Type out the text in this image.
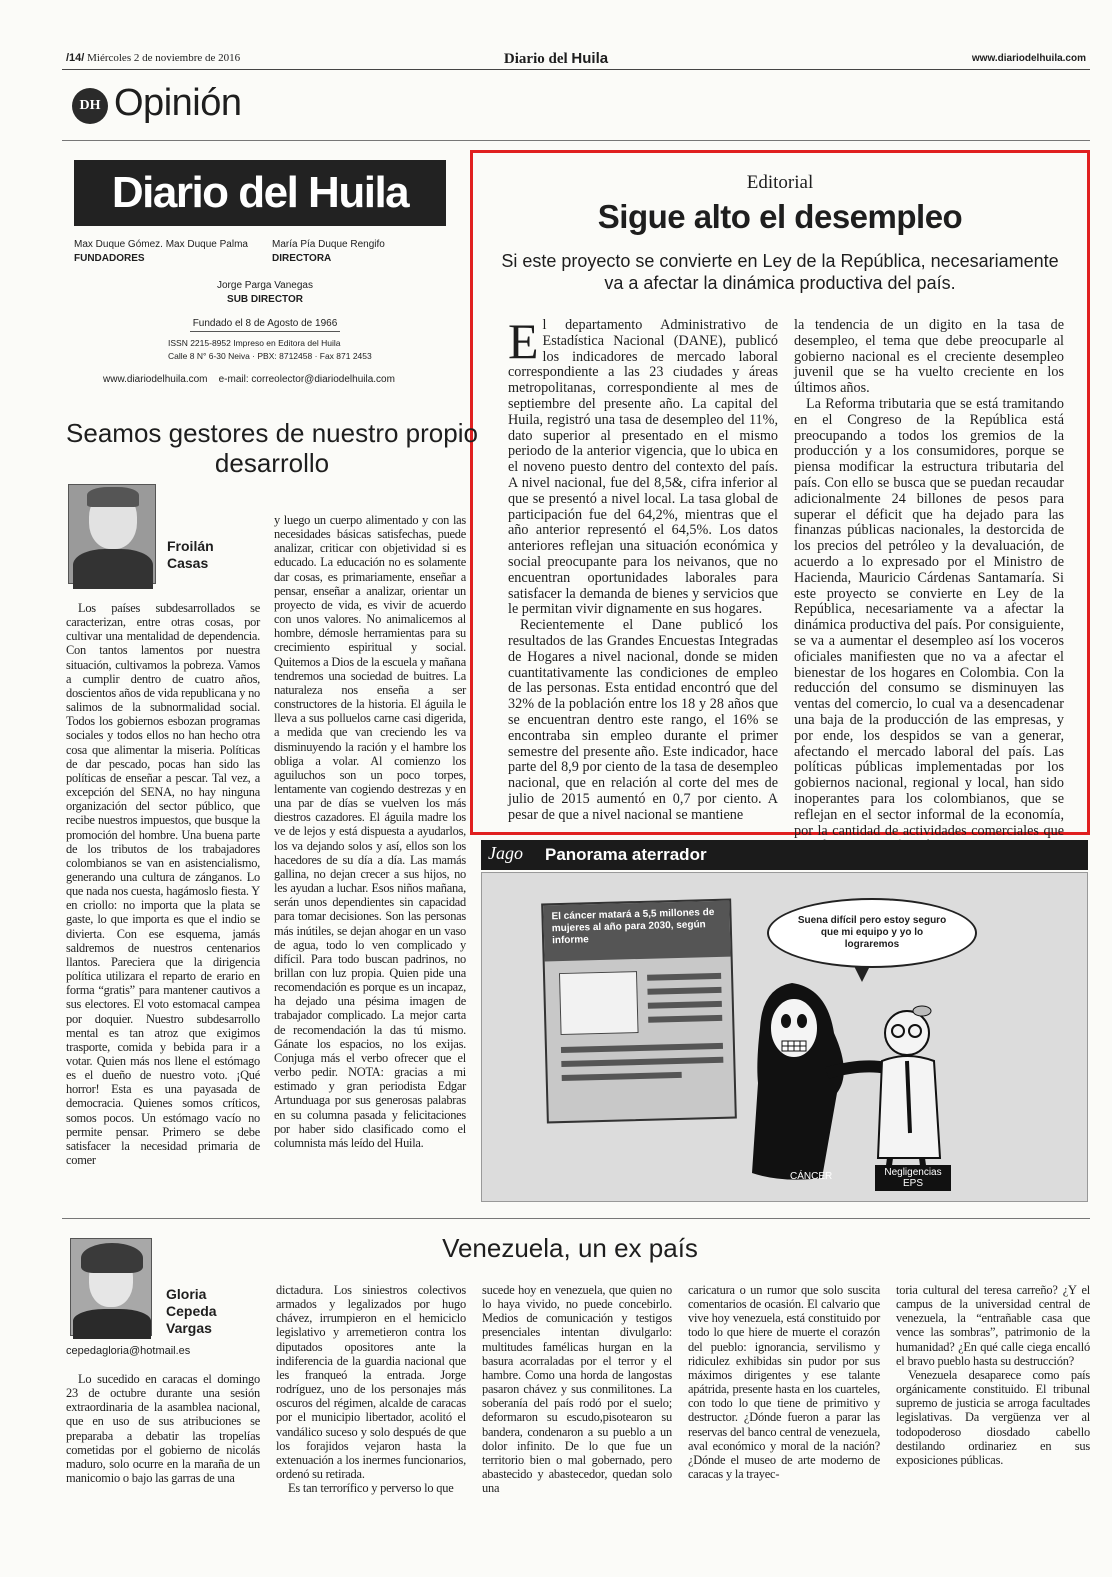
/14/ Miércoles 2 de noviembre de 2016	Diario del Huila	www.diariodelhuila.com
DH Opinión
Diario del Huila
Max Duque Gómez. Max Duque Palma
FUNDADORES
María Pía Duque Rengifo
DIRECTORA
Jorge Parga Vanegas
SUB DIRECTOR
Fundado el 8 de Agosto de 1966
ISSN 2215-8952 Impreso en Editora del Huila
Calle 8 N° 6-30 Neiva · PBX: 8712458 · Fax 871 2453
www.diariodelhuila.com    e-mail: correolector@diariodelhuila.com
Editorial
Sigue alto el desempleo
Si este proyecto se convierte en Ley de la República, necesariamente va a afectar la dinámica productiva del país.

El departamento Administrativo de Estadística Nacional (DANE), publicó los indicadores de mercado laboral correspondiente a las 23 ciudades y áreas metropolitanas, correspondiente al mes de septiembre del presente año. La capital del Huila, registró una tasa de desempleo del 11%, dato superior al presentado en el mismo periodo de la anterior vigencia, que lo ubica en el noveno puesto dentro del contexto del país. A nivel nacional, fue del 8,5&, cifra inferior al que se presentó a nivel local. La tasa global de participación fue del 64,2%, mientras que el año anterior representó el 64,5%. Los datos anteriores reflejan una situación económica y social preocupante para los neivanos, que no encuentran oportunidades laborales para satisfacer la demanda de bienes y servicios que le permitan vivir dignamente en sus hogares.

Recientemente el Dane publicó los resultados de las Grandes Encuestas Integradas de Hogares a nivel nacional, donde se miden cuantitativamente las condiciones de empleo de las personas. Esta entidad encontró que del 32% de la población entre los 18 y 28 años que se encuentran dentro este rango, el 16% se encontraba sin empleo durante el primer semestre del presente año. Este indicador, hace parte del 8,9 por ciento de la tasa de desempleo nacional, que en relación al corte del mes de julio de 2015 aumentó en 0,7 por ciento. A pesar de que a nivel nacional se mantiene

la tendencia de un digito en la tasa de desempleo, el tema que debe preocuparle al gobierno nacional es el creciente desempleo juvenil que se ha vuelto creciente en los últimos años.

La Reforma tributaria que se está tramitando en el Congreso de la República está preocupando a todos los gremios de la producción y a los consumidores, porque se piensa modificar la estructura tributaria del país. Con ello se busca que se puedan recaudar adicionalmente 24 billones de pesos para superar el déficit que ha dejado para las finanzas públicas nacionales, la destorcida de los precios del petróleo y la devaluación, de acuerdo a lo expresado por el Ministro de Hacienda, Mauricio Cárdenas Santamaría. Si este proyecto se convierte en Ley de la República, necesariamente va a afectar la dinámica productiva del país. Por consiguiente, se va a aumentar el desempleo así los voceros oficiales manifiesten que no va a afectar el bienestar de los hogares en Colombia. Con la reducción del consumo se disminuyen las ventas del comercio, lo cual va a desencadenar una baja de la producción de las empresas, y por ende, los despidos se van a generar, afectando el mercado laboral del país. Las políticas públicas implementadas por los gobiernos nacional, regional y local, han sido inoperantes para los colombianos, que se reflejan en el sector informal de la economía, por la cantidad de actividades comerciales que

Jago Panorama aterrador
El cáncer matará a 5,5 millones de mujeres al año para 2030, según informe
Suena difícil pero estoy seguro que mi equipo y yo lo lograremos
CÁNCER	Negligencias EPS
Seamos gestores de nuestro propio desarrollo
Froilán
Casas

Los países subdesarrollados se caracterizan, entre otras cosas, por cultivar una mentalidad de dependencia. Con tantos lamentos por nuestra situación, cultivamos la pobreza. Vamos a cumplir dentro de cuatro años, doscientos años de vida republicana y no salimos de la subnormalidad social. Todos los gobiernos esbozan programas sociales y todos ellos no han hecho otra cosa que alimentar la miseria. Políticas de dar pescado, pocas han sido las políticas de enseñar a pescar. Tal vez, a excepción del SENA, no hay ninguna organización del sector público, que recibe nuestros impuestos, que busque la promoción del hombre. Una buena parte de los tributos de los trabajadores colombianos se van en asistencialismo, generando una cultura de zánganos. Lo que nada nos cuesta, hagámoslo fiesta. Y en criollo: no importa que la plata se gaste, lo que importa es que el indio se divierta. Con ese esquema, jamás saldremos de nuestros centenarios llantos. Pareciera que la dirigencia política utilizara el reparto de erario en forma “gratis” para mantener cautivos a sus electores. El voto estomacal campea por doquier. Nuestro subdesarrollo mental es tan atroz que exigimos trasporte, comida y bebida para ir a votar. Quien más nos llene el estómago es el dueño de nuestro voto. ¡Qué horror! Esta es una payasada de democracia. Quienes somos críticos, somos pocos. Un estómago vacío no permite pensar. Primero se debe satisfacer la necesidad primaria de comer

y luego un cuerpo alimentado y con las necesidades básicas satisfechas, puede analizar, criticar con objetividad si es educado. La educación no es solamente dar cosas, es primariamente, enseñar a pensar, enseñar a analizar, orientar un proyecto de vida, es vivir de acuerdo con unos valores. No animalicemos al hombre, démosle herramientas para su crecimiento espiritual y social. Quitemos a Dios de la escuela y mañana tendremos una sociedad de buitres. La naturaleza nos enseña a ser constructores de la historia. El águila le lleva a sus polluelos carne casi digerida, a medida que van creciendo les va disminuyendo la ración y el hambre los obliga a volar. Al comienzo los aguiluchos son un poco torpes, lentamente van cogiendo destrezas y en una par de días se vuelven los más diestros cazadores. El águila madre los ve de lejos y está dispuesta a ayudarlos, los va dejando solos y así, ellos son los hacedores de su día a día. Las mamás gallina, no dejan crecer a sus hijos, no les ayudan a luchar. Esos niños mañana, serán unos dependientes sin capacidad para tomar decisiones. Son las personas más inútiles, se dejan ahogar en un vaso de agua, todo lo ven complicado y difícil. Para todo buscan padrinos, no brillan con luz propia. Quien pide una recomendación es porque es un incapaz, ha dejado una pésima imagen de trabajador complicado. La mejor carta de recomendación la das tú mismo. Gánate los espacios, no los exijas. Conjuga más el verbo ofrecer que el verbo pedir. NOTA: gracias a mi estimado y gran periodista Edgar Artunduaga por sus generosas palabras en su columna pasada y felicitaciones por haber sido clasificado como el columnista más leído del Huila.

Venezuela, un ex país
Gloria
Cepeda
Vargas
cepedagloria@hotmail.es

Lo sucedido en caracas el domingo 23 de octubre durante una sesión extraordinaria de la asamblea nacional, que en uso de sus atribuciones se preparaba a debatir las tropelías cometidas por el gobierno de nicolás maduro, solo ocurre en la maraña de un manicomio o bajo las garras de una

dictadura. Los siniestros colectivos armados y legalizados por hugo chávez, irrumpieron en el hemiciclo legislativo y arremetieron contra los diputados opositores ante la indiferencia de la guardia nacional que les franqueó la entrada. Jorge rodríguez, uno de los personajes más oscuros del régimen, alcalde de caracas por el municipio libertador, acolitó el vandálico suceso y solo después de que los forajidos vejaron hasta la extenuación a los inermes funcionarios, ordenó su retirada.

Es tan terrorífico y perverso lo que

sucede hoy en venezuela, que quien no lo haya vivido, no puede concebirlo. Medios de comunicación y testigos presenciales intentan divulgarlo: multitudes famélicas hurgan en la basura acorraladas por el terror y el hambre. Como una horda de langostas pasaron chávez y sus conmilitones. La soberanía del país rodó por el suelo; deformaron su escudo,pisotearon su bandera, condenaron a su pueblo a un dolor infinito. De lo que fue un territorio bien o mal gobernado, pero abastecido y abastecedor, quedan solo una

caricatura o un rumor que solo suscita comentarios de ocasión. El calvario que vive hoy venezuela, está constituido por todo lo que hiere de muerte el corazón del pueblo: ignorancia, servilismo y ridiculez exhibidas sin pudor por sus máximos dirigentes y ese talante apátrida, presente hasta en los cuarteles, con todo lo que tiene de primitivo y destructor. ¿Dónde fueron a parar las reservas del banco central de venezuela, aval económico y moral de la nación? ¿Dónde el museo de arte moderno de caracas y la trayec-

toria cultural del teresa carreño? ¿Y el campus de la universidad central de venezuela, la “entrañable casa que vence las sombras”, patrimonio de la humanidad? ¿En qué calle ciega encalló el bravo pueblo hasta su destrucción?

Venezuela desaparece como país orgánicamente constituido. El tribunal supremo de justicia se arroga facultades legislativas. Da vergüenza ver al todopoderoso diosdado cabello destilando ordinariez en sus exposiciones públicas.
